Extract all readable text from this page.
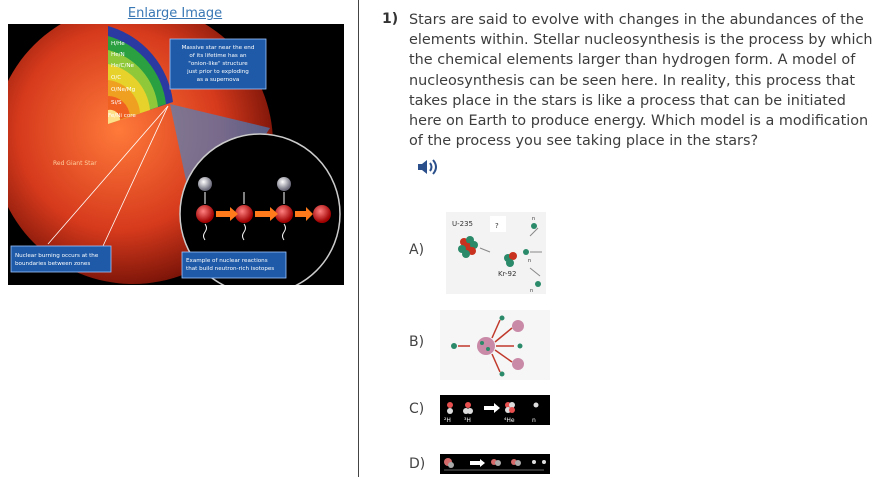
Enlarge Image
H/He
He/N
He/C/Ne
O/C
O/Ne/Mg
Si/S
Fe/Ni core
Red Giant Star
Massive star near the end
of its lifetime has an
"onion-like" structure
just prior to exploding
as a supernova
Nuclear burning occurs at the
boundaries between zones	Example of nuclear reactions
that build neutron-rich isotopes
1) Stars are said to evolve with changes in the abundances of the elements within. Stellar nucleosynthesis is the process by which the chemical elements larger than hydrogen form. A model of nucleosynthesis can be seen here. In reality, this process that takes place in the stars is like a process that can be initiated here on Earth to produce energy. Which model is a modification of the process you see taking place in the stars?
A)
U-235	?
Kr-92
n
n
n
B)
C)
²H ³H	⁴He	n
D)
